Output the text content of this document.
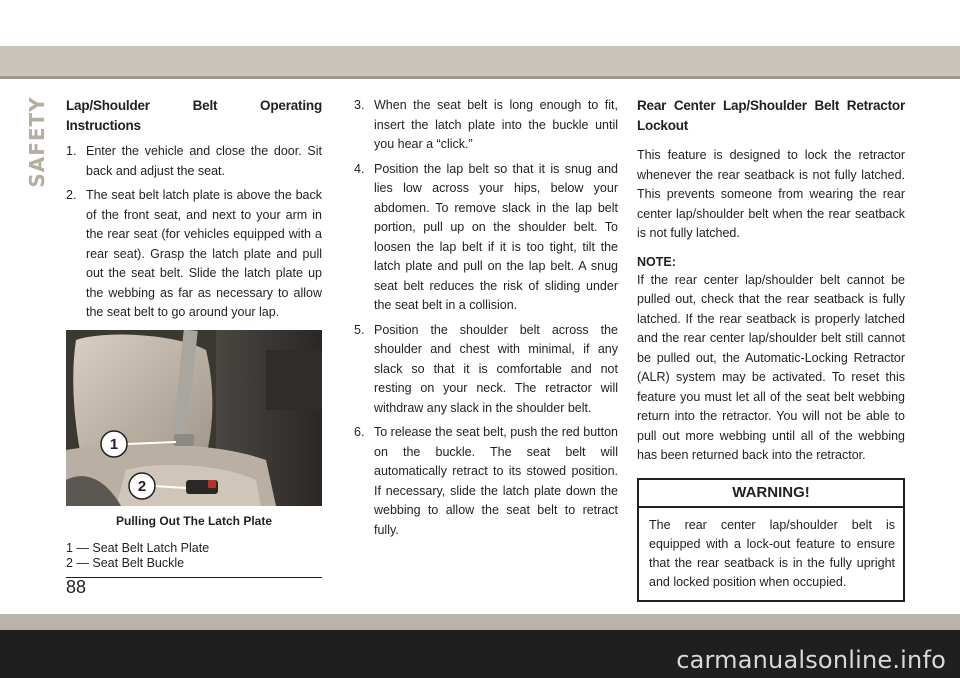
SAFETY Lap/Shoulder Belt Operating Instructions
1. Enter the vehicle and close the door. Sit back and adjust the seat.
2. The seat belt latch plate is above the back of the front seat, and next to your arm in the rear seat (for vehicles equipped with a rear seat). Grasp the latch plate and pull out the seat belt. Slide the latch plate up the webbing as far as necessary to allow the seat belt to go around your lap.
1
2
Pulling Out The Latch Plate
1 — Seat Belt Latch Plate
2 — Seat Belt Buckle
3. When the seat belt is long enough to fit, insert the latch plate into the buckle until you hear a “click.”
4. Position the lap belt so that it is snug and lies low across your hips, below your abdomen. To remove slack in the lap belt portion, pull up on the shoulder belt. To loosen the lap belt if it is too tight, tilt the latch plate and pull on the lap belt. A snug seat belt reduces the risk of sliding under the seat belt in a collision.
5. Position the shoulder belt across the shoulder and chest with minimal, if any slack so that it is comfortable and not resting on your neck. The retractor will withdraw any slack in the shoulder belt.
6. To release the seat belt, push the red button on the buckle. The seat belt will automatically retract to its stowed position. If necessary, slide the latch plate down the webbing to allow the seat belt to retract fully.
Rear Center Lap/Shoulder Belt Retractor Lockout

This feature is designed to lock the retractor whenever the rear seatback is not fully latched. This prevents someone from wearing the rear center lap/shoulder belt when the rear seatback is not fully latched.

NOTE:

If the rear center lap/shoulder belt cannot be pulled out, check that the rear seatback is fully latched. If the rear seatback is properly latched and the rear center lap/shoulder belt still cannot be pulled out, the Automatic-Locking Retractor (ALR) system may be activated. To reset this feature you must let all of the seat belt webbing return into the retractor. You will not be able to pull out more webbing until all of the webbing has been returned back into the retractor.

WARNING!
The rear center lap/shoulder belt is equipped with a lock-out feature to ensure that the rear seatback is in the fully upright and locked position when occupied.
88
carmanualsonline.info
